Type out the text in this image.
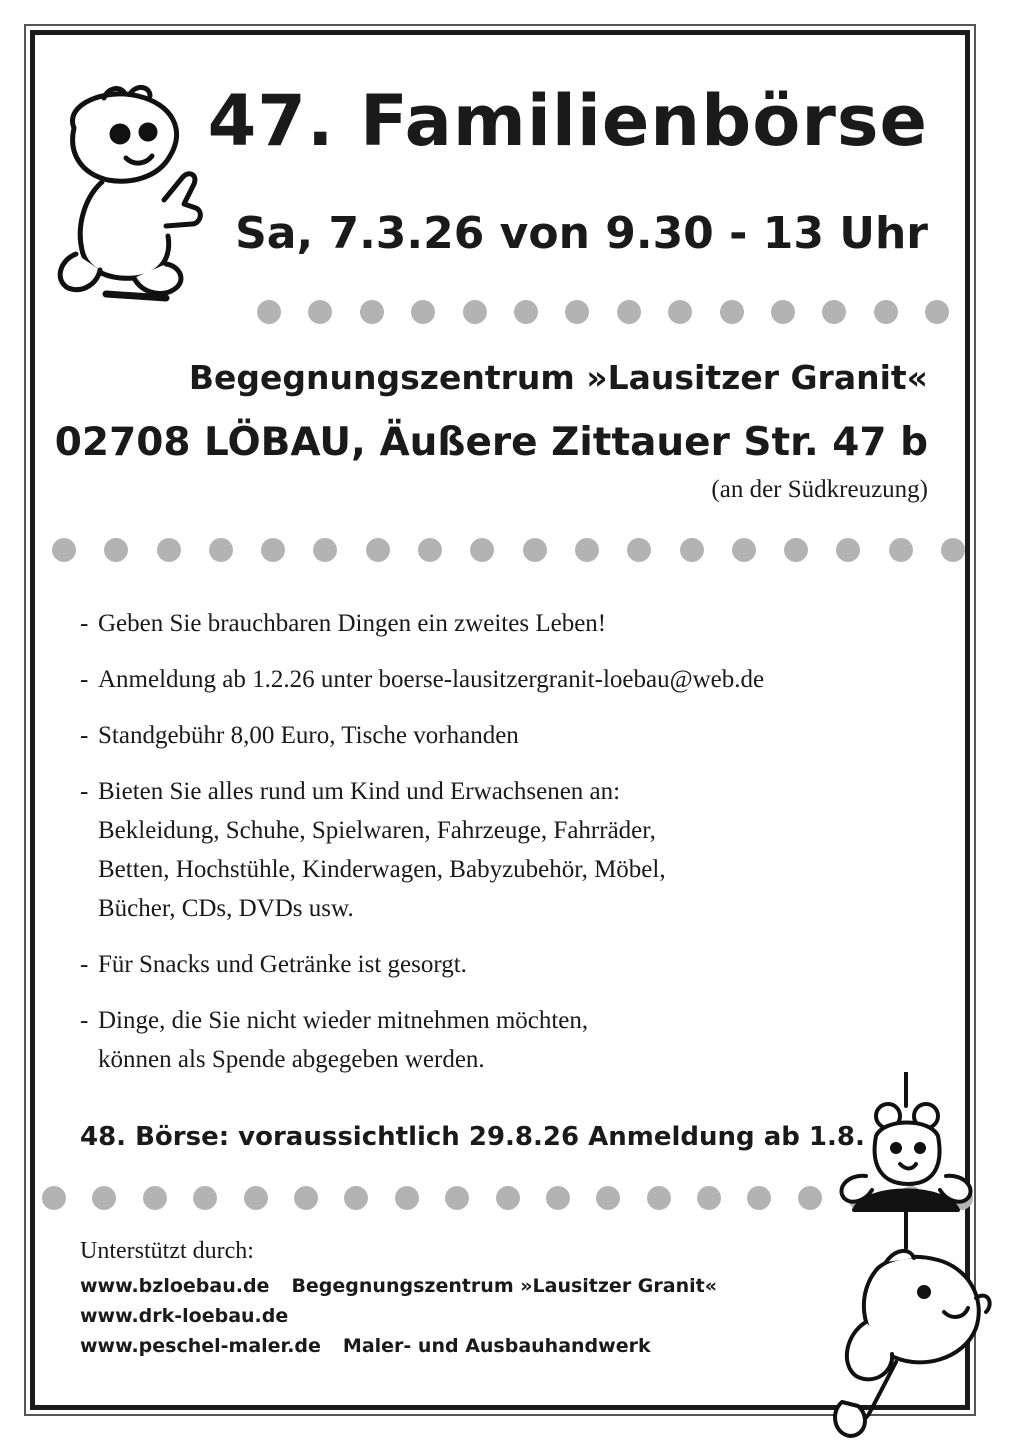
47. Familienbörse
Sa, 7.3.26 von 9.30 - 13 Uhr

Begegnungszentrum »Lausitzer Granit«

02708 LÖBAU, Äußere Zittauer Str. 47 b

(an der Südkreuzung)

- Geben Sie brauchbaren Dingen ein zweites Leben!
- Anmeldung ab 1.2.26 unter boerse-lausitzergranit-loebau@web.de
- Standgebühr 8,00 Euro, Tische vorhanden
- Bieten Sie alles rund um Kind und Erwachsenen an:
Bekleidung, Schuhe, Spielwaren, Fahrzeuge, Fahrräder,
Betten, Hochstühle, Kinderwagen, Babyzubehör, Möbel,
Bücher, CDs, DVDs usw.
- Für Snacks und Getränke ist gesorgt.
- Dinge, die Sie nicht wieder mitnehmen möchten,
können als Spende abgegeben werden.

48. Börse: voraussichtlich 29.8.26 Anmeldung ab 1.8.

Unterstützt durch:

www.bzloebau.de Begegnungszentrum »Lausitzer Granit«
www.drk-loebau.de
www.peschel-maler.de Maler- und Ausbauhandwerk
